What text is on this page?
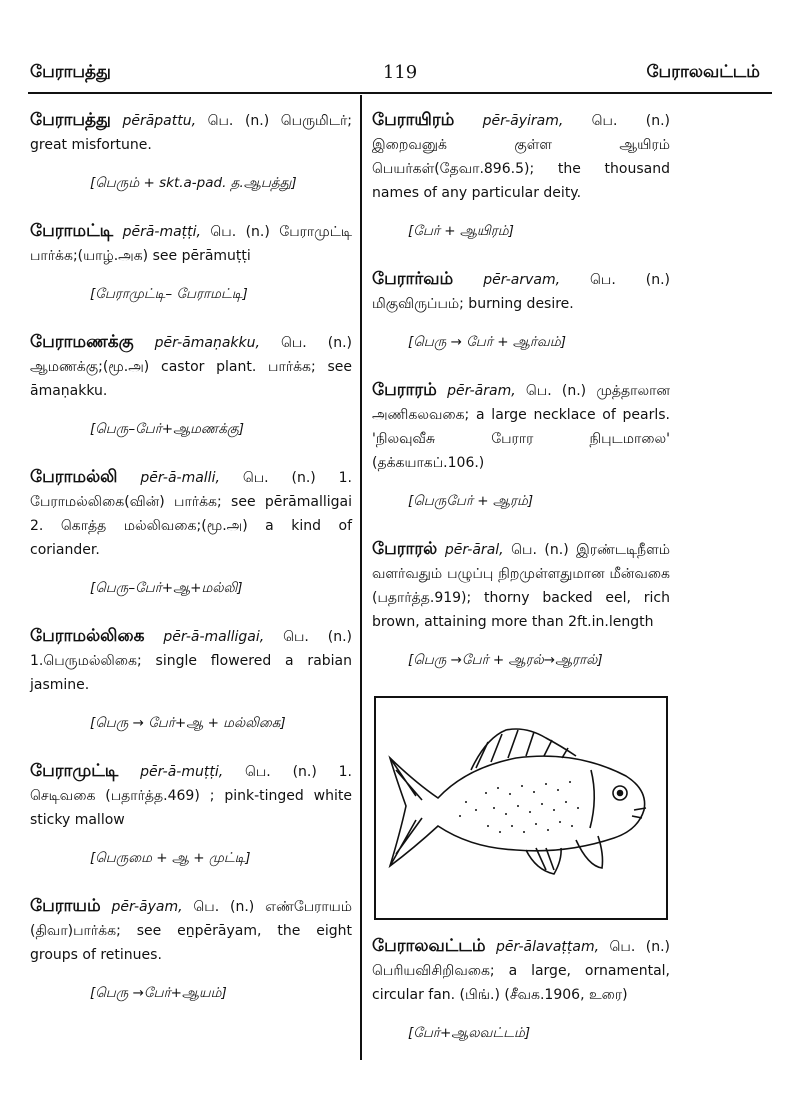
பேராபத்து	119	பேராலவட்டம்
பேராபத்து pērāpattu, பெ. (n.) பெருமிடர்; great misfortune.
[பெரும் + skt.a-pad. த.ஆபத்து]
பேராமட்டி pērā-maṭṭi, பெ. (n.) பேராமுட்டி பார்க்க;(யாழ்.அக) see pērāmuṭṭi
[பேராமுட்டி– பேராமட்டி]
பேராமணக்கு pēr-āmaṇakku, பெ. (n.) ஆமணக்கு;(மூ.அ) castor plant. பார்க்க; see āmaṇakku.
[பெரு–பேர்+ஆமணக்கு]
பேராமல்லி pēr-ā-malli, பெ. (n.) 1. பேராமல்லிகை(வின்) பார்க்க; see pērāmalligai 2. கொத்த மல்லிவகை;(மூ.அ) a kind of coriander.
[பெரு–பேர்+ஆ+மல்லி]
பேராமல்லிகை pēr-ā-malligai, பெ. (n.) 1.பெருமல்லிகை; single flowered a rabian jasmine.
[பெரு → பேர்+ஆ + மல்லிகை]
பேராமுட்டி pēr-ā-muṭṭi, பெ. (n.) 1. செடிவகை (பதார்த்த.469) ; pink-tinged white sticky mallow
[பெருமை + ஆ + முட்டி]
பேராயம் pēr-āyam, பெ. (n.) எண்பேராயம் (திவா)பார்க்க; see eṉpērāyam, the eight groups of retinues.
[பெரு →பேர்+ஆயம்]
பேராயிரம் pēr-āyiram, பெ. (n.) இறைவனுக் குள்ள ஆயிரம் பெயர்கள்(தேவா.896.5); the thousand names of any particular deity.
[பேர் + ஆயிரம்]
பேரார்வம் pēr-arvam, பெ. (n.) மிகுவிருப்பம்; burning desire.
[பெரு → பேர் + ஆர்வம்]
பேராரம் pēr-āram, பெ. (n.) முத்தாலான அணிகலவகை; a large necklace of pearls. 'நிலவுவீசு பேரார நிபுடமாலை' (தக்கயாகப்.106.)
[பெருபேர் + ஆரம்]
பேராரல் pēr-āral, பெ. (n.) இரண்டடிநீளம் வளர்வதும் பழுப்பு நிறமுள்ளதுமான மீன்வகை (பதார்த்த.919); thorny backed eel, rich brown, attaining more than 2ft.in.length
[பெரு →பேர் + ஆரல்→ஆரால்]
பேராலவட்டம் pēr-ālavaṭṭam, பெ. (n.) பெரியவிசிறிவகை; a large, ornamental, circular fan. (பிங்.) (சீவக.1906, உரை)
[பேர்+ஆலவட்டம்]
